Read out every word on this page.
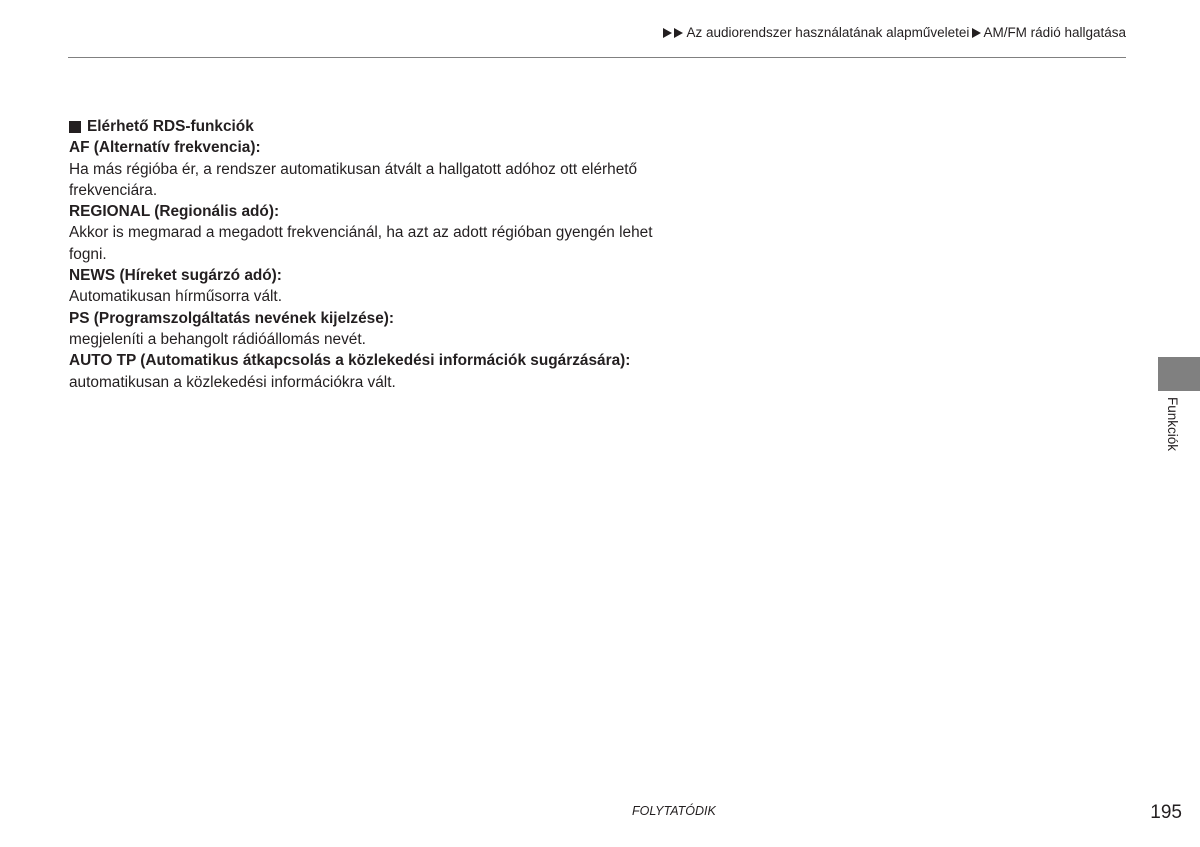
Az audiorendszer használatának alapműveletei AM/FM rádió hallgatása
Elérhető RDS-funkciók

AF (Alternatív frekvencia):

Ha más régióba ér, a rendszer automatikusan átvált a hallgatott adóhoz ott elérhető

frekvenciára.

REGIONAL (Regionális adó):

Akkor is megmarad a megadott frekvenciánál, ha azt az adott régióban gyengén lehet

fogni.

NEWS (Híreket sugárzó adó):

Automatikusan hírműsorra vált.

PS (Programszolgáltatás nevének kijelzése):

megjeleníti a behangolt rádióállomás nevét.

AUTO TP (Automatikus átkapcsolás a közlekedési információk sugárzására):

automatikusan a közlekedési információkra vált.

Funkciók
FOLYTATÓDIK	195
